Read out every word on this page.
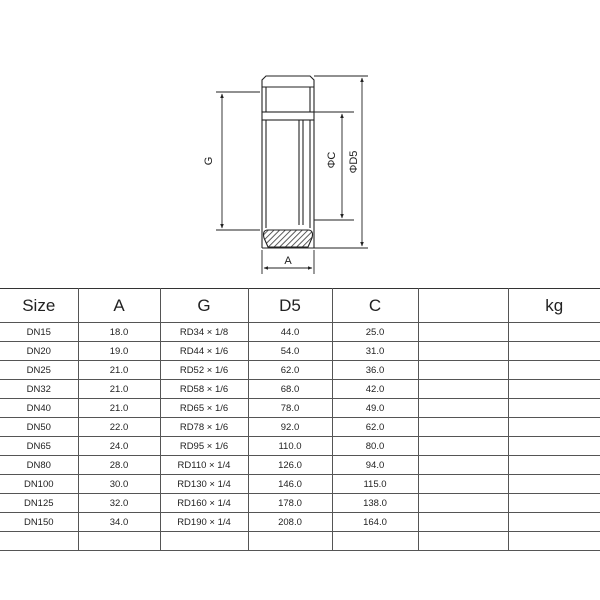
G	ΦC ΦD5
A
Size	A	G	D5	C		kg
DN15	18.0	RD34 × 1/8	44.0	25.0		
DN20	19.0	RD44 × 1/6	54.0	31.0		
DN25	21.0	RD52 × 1/6	62.0	36.0		
DN32	21.0	RD58 × 1/6	68.0	42.0		
DN40	21.0	RD65 × 1/6	78.0	49.0		
DN50	22.0	RD78 × 1/6	92.0	62.0		
DN65	24.0	RD95 × 1/6	110.0	80.0		
DN80	28.0	RD110 × 1/4	126.0	94.0		
DN100	30.0	RD130 × 1/4	146.0	115.0		
DN125	32.0	RD160 × 1/4	178.0	138.0		
DN150	34.0	RD190 × 1/4	208.0	164.0		
